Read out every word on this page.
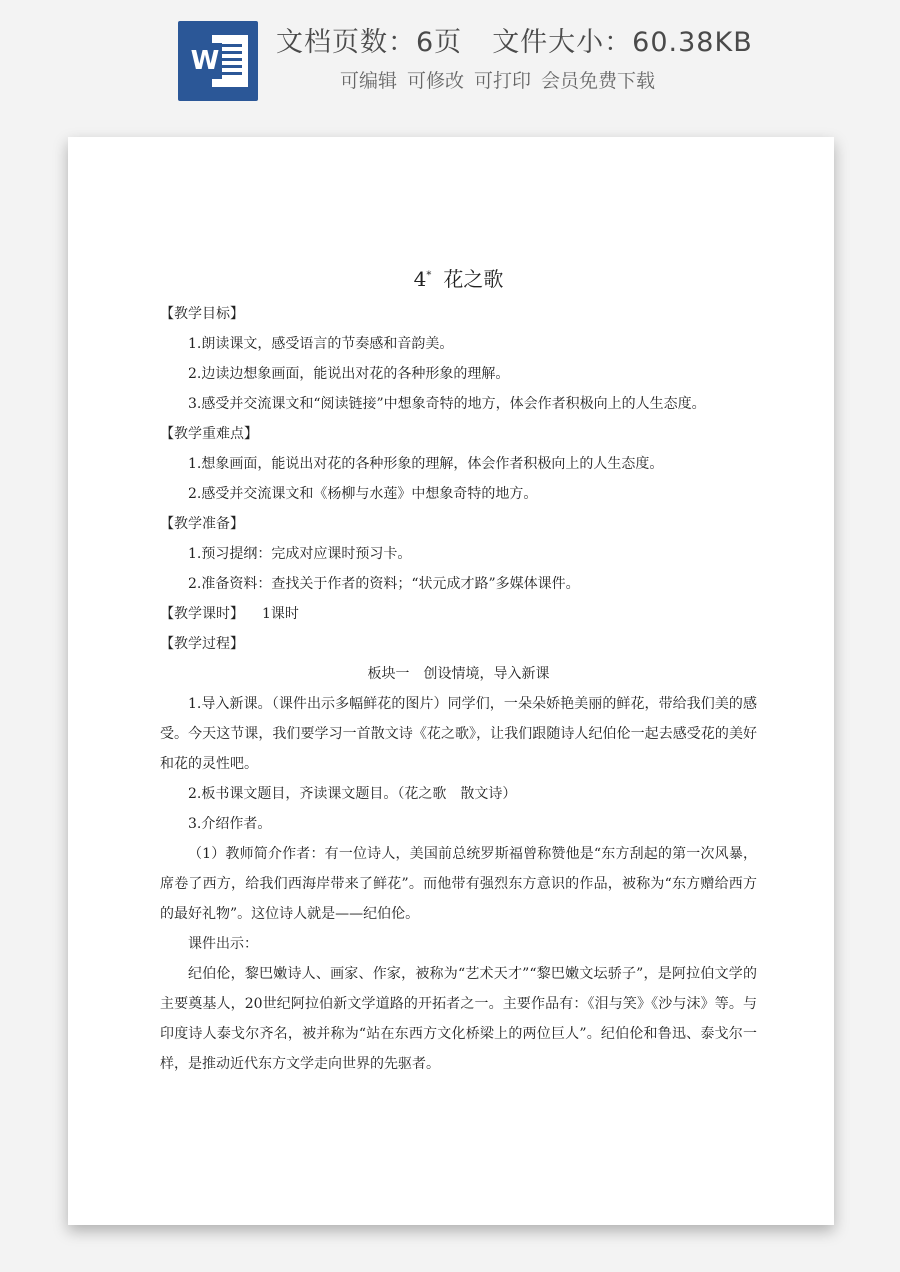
W
文档页数：6页 文件大小：60.38KB
可编辑 可修改 可打印 会员免费下载
4* 花之歌
【教学目标】
1.朗读课文，感受语言的节奏感和音韵美。
2.边读边想象画面，能说出对花的各种形象的理解。
3.感受并交流课文和“阅读链接”中想象奇特的地方，体会作者积极向上的人生态度。
【教学重难点】
1.想象画面，能说出对花的各种形象的理解，体会作者积极向上的人生态度。
2.感受并交流课文和《杨柳与水莲》中想象奇特的地方。
【教学准备】
1.预习提纲：完成对应课时预习卡。
2.准备资料：查找关于作者的资料；“状元成才路”多媒体课件。
【教学课时】 1课时
【教学过程】
板块一　创设情境，导入新课
1.导入新课。（课件出示多幅鲜花的图片）同学们，一朵朵娇艳美丽的鲜花，带给我们美的感受。今天这节课，我们要学习一首散文诗《花之歌》，让我们跟随诗人纪伯伦一起去感受花的美好和花的灵性吧。
2.板书课文题目，齐读课文题目。（花之歌　散文诗）
3.介绍作者。
（1）教师简介作者：有一位诗人，美国前总统罗斯福曾称赞他是“东方刮起的第一次风暴，席卷了西方，给我们西海岸带来了鲜花”。而他带有强烈东方意识的作品，被称为“东方赠给西方的最好礼物”。这位诗人就是——纪伯伦。
课件出示：
纪伯伦，黎巴嫩诗人、画家、作家，被称为“艺术天才”“黎巴嫩文坛骄子”，是阿拉伯文学的主要奠基人，20世纪阿拉伯新文学道路的开拓者之一。主要作品有：《泪与笑》《沙与沫》等。与印度诗人泰戈尔齐名，被并称为“站在东西方文化桥梁上的两位巨人”。纪伯伦和鲁迅、泰戈尔一样，是推动近代东方文学走向世界的先驱者。
